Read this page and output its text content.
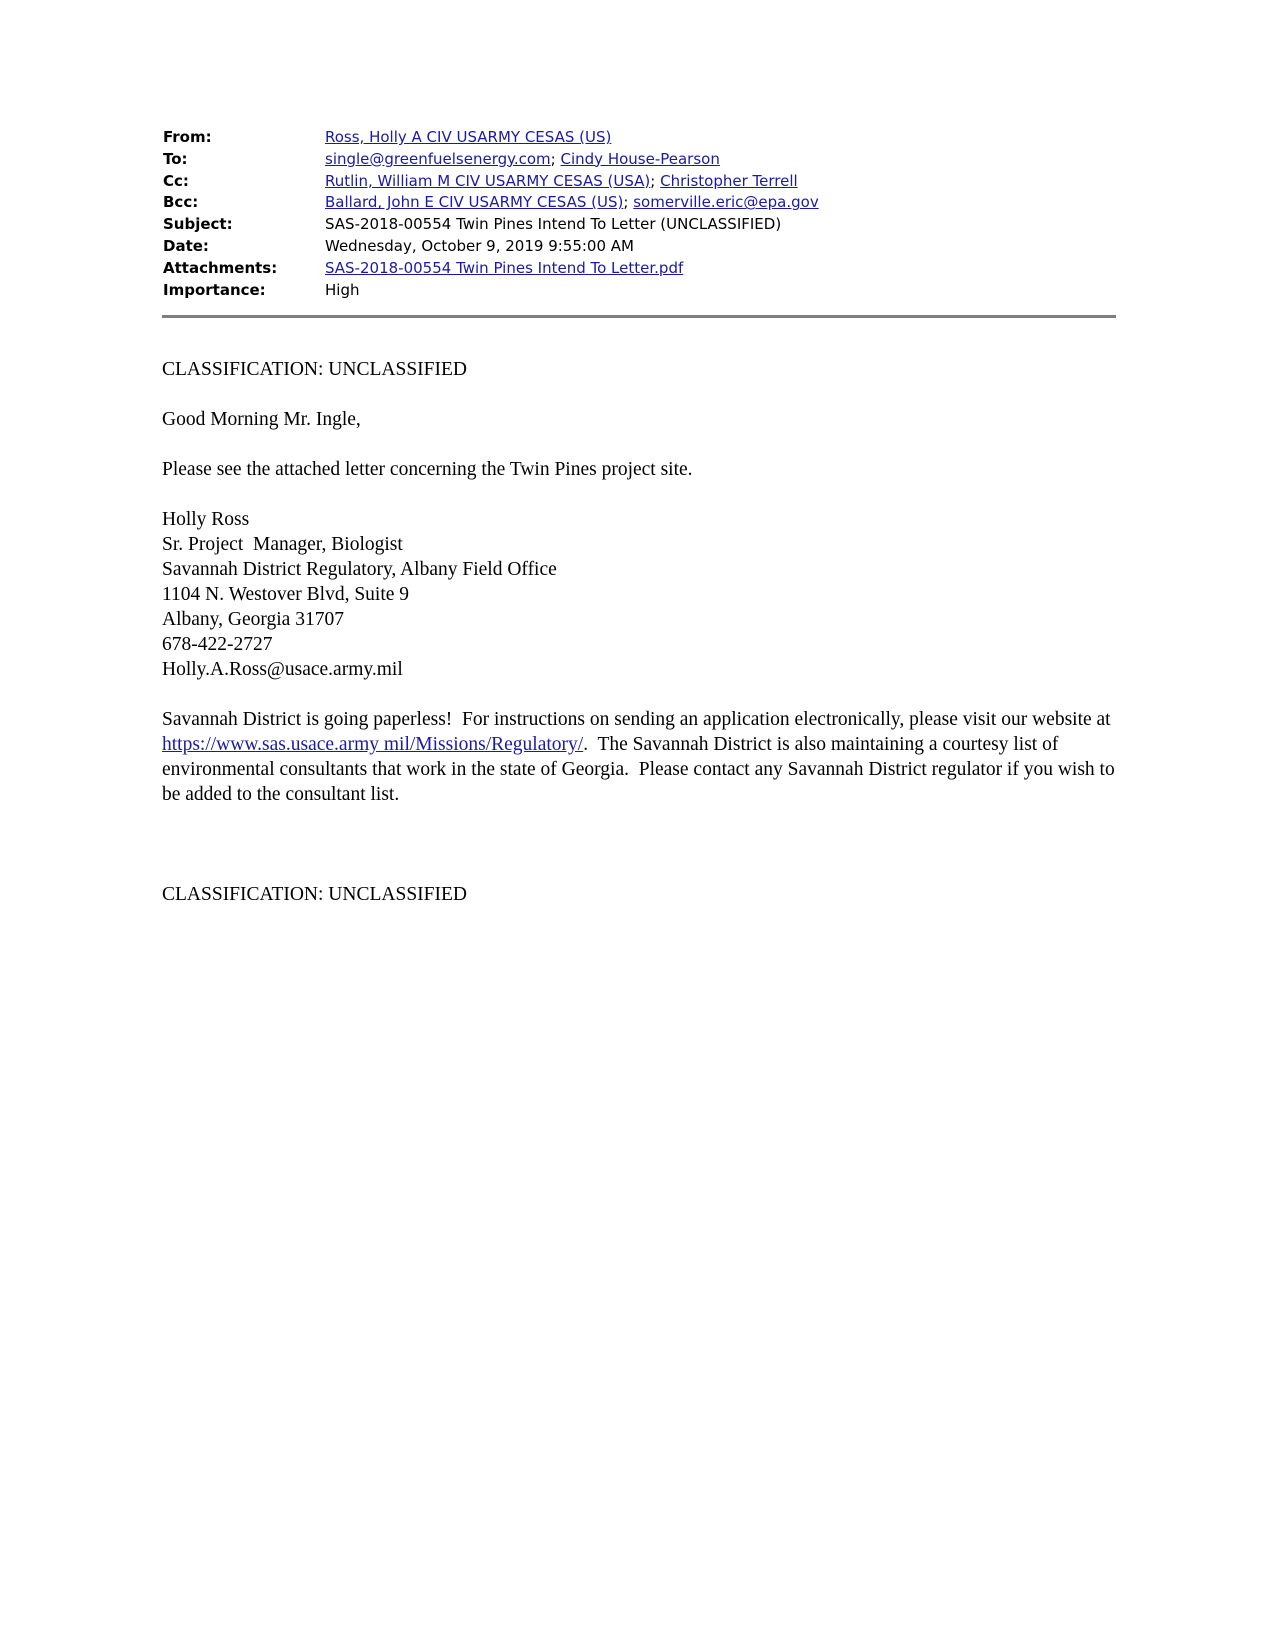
From:	Ross, Holly A CIV USARMY CESAS (US)
To:	single@greenfuelsenergy.com; Cindy House-Pearson
Cc:	Rutlin, William M CIV USARMY CESAS (USA); Christopher Terrell
Bcc:	Ballard, John E CIV USARMY CESAS (US); somerville.eric@epa.gov
Subject:	SAS-2018-00554 Twin Pines Intend To Letter (UNCLASSIFIED)
Date:	Wednesday, October 9, 2019 9:55:00 AM
Attachments:	SAS-2018-00554 Twin Pines Intend To Letter.pdf
Importance:	High

CLASSIFICATION: UNCLASSIFIED

Good Morning Mr. Ingle,

Please see the attached letter concerning the Twin Pines project site.

Holly Ross

Sr. Project  Manager, Biologist

Savannah District Regulatory, Albany Field Office

1104 N. Westover Blvd, Suite 9

Albany, Georgia 31707

678-422-2727

Holly.A.Ross@usace.army.mil

Savannah District is going paperless!  For instructions on sending an application electronically, please visit our website at https://www.sas.usace.army mil/Missions/Regulatory/.  The Savannah District is also maintaining a courtesy list of environmental consultants that work in the state of Georgia.  Please contact any Savannah District regulator if you wish to be added to the consultant list.

CLASSIFICATION: UNCLASSIFIED
